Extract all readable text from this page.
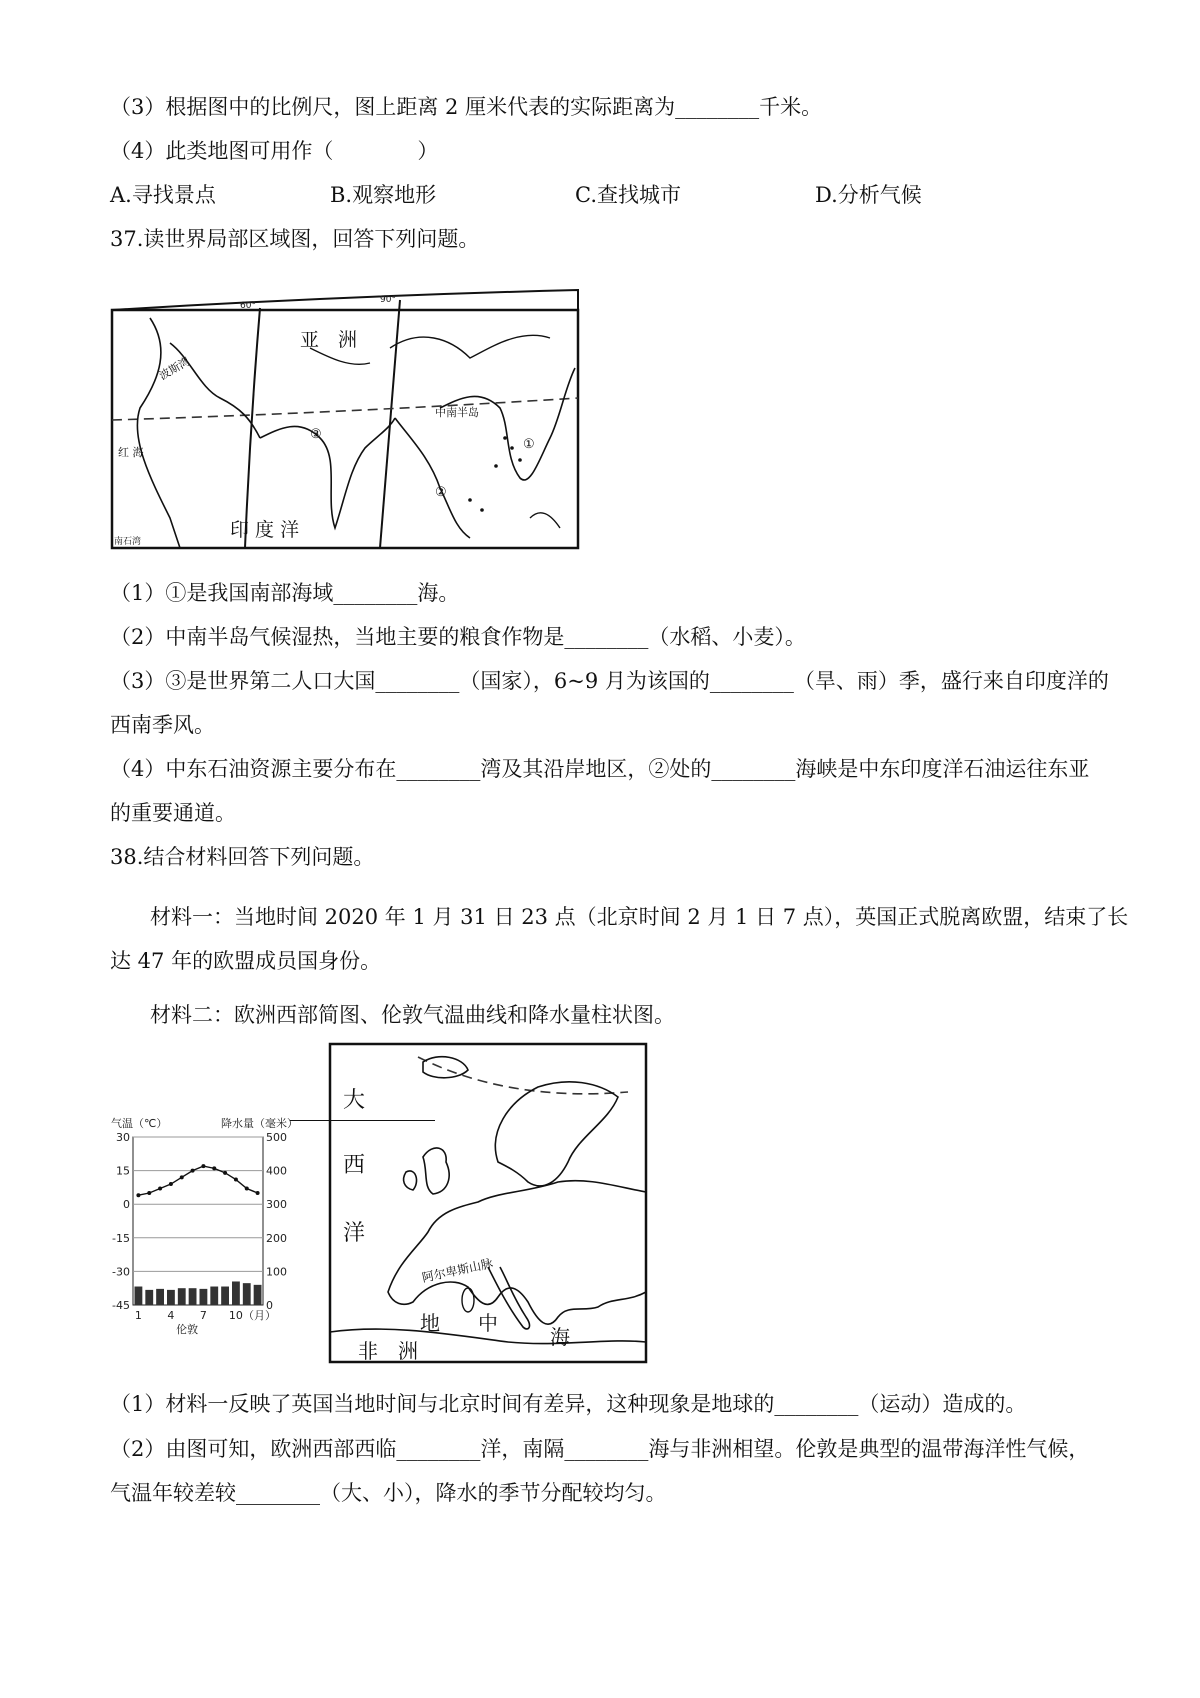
（3）根据图中的比例尺，图上距离 2 厘米代表的实际距离为________千米。
（4）此类地图可用作（　　　　）
A.寻找景点	B.观察地形	C.查找城市	D.分析气候
37.读世界局部区域图，回答下列问题。
亚　洲
印 度 洋
波斯湾
红 海
中南半岛
①
②
③
60°
90°
南石湾
（1）①是我国南部海域________海。
（2）中南半岛气候湿热，当地主要的粮食作物是________（水稻、小麦）。
（3）③是世界第二人口大国________（国家），6~9 月为该国的________（旱、雨）季，盛行来自印度洋的
西南季风。
（4）中东石油资源主要分布在________湾及其沿岸地区，②处的________海峡是中东印度洋石油运往东亚
的重要通道。
38.结合材料回答下列问题。
材料一：当地时间 2020 年 1 月 31 日 23 点（北京时间 2 月 1 日 7 点），英国正式脱离欧盟，结束了长
达 47 年的欧盟成员国身份。
材料二：欧洲西部简图、伦敦气温曲线和降水量柱状图。
气温（℃）	降水量（毫米）
30
15
0
-15
-30
-45
500
400
300
200
100
0
1 4 7 10 （月）
伦敦
大
西
洋
阿尔卑斯山脉
地 中
海
非　洲
（1）材料一反映了英国当地时间与北京时间有差异，这种现象是地球的________（运动）造成的。
（2）由图可知，欧洲西部西临________洋，南隔________海与非洲相望。伦敦是典型的温带海洋性气候，
气温年较差较________（大、小），降水的季节分配较均匀。
